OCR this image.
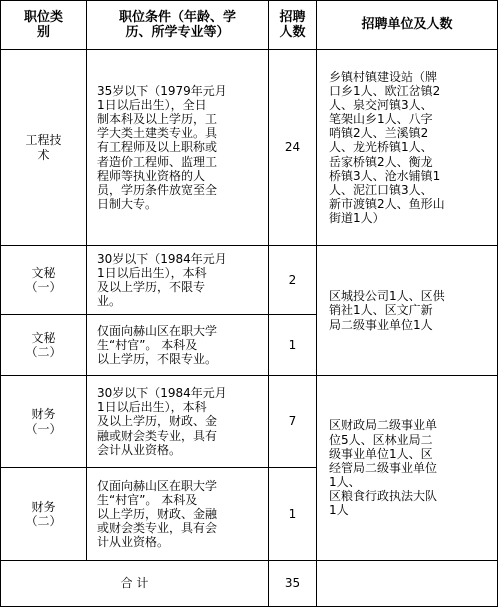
职位类
别
职位条件（年龄、学
历、所学专业等）
招聘
人数
招聘单位及人数
工程技
术
35岁以下（1979年元月
1日以后出生），全日
制本科及以上学历，工
学大类土建类专业。具
有工程师及以上职称或
者造价工程师、监理工
程师等执业资格的人
员，学历条件放宽至全
日制大专。
24
乡镇村镇建设站（牌
口乡1人、欧江岔镇2
人、泉交河镇3人、
笔架山乡1人、八字
哨镇2人、兰溪镇2
人、龙光桥镇1人、
岳家桥镇2人、衡龙
桥镇3人、沧水铺镇1
人、泥江口镇3人、
新市渡镇2人、鱼形山
街道1人）
文秘
（一）
30岁以下（1984年元月
1日以后出生），本科
及以上学历，不限专
业。
2
文秘
（二）
仅面向赫山区在职大学
生“村官”。 本科及
以上学历，不限专业。
1
区城投公司1人、区供
销社1人、区文广新
局二级事业单位1人
财务
（一）
30岁以下（1984年元月
1日以后出生），本科
及以上学历，财政、金
融或财会类专业，具有
会计从业资格。
7
财务
（二）
仅面向赫山区在职大学
生“村官”。 本科及
以上学历，财政、金融
或财会类专业，具有会
计从业资格。
1
区财政局二级事业单
位5人、区林业局二
级事业单位1人、区
经管局二级事业单位
1人、
区粮食行政执法大队
1人
合 计	35
